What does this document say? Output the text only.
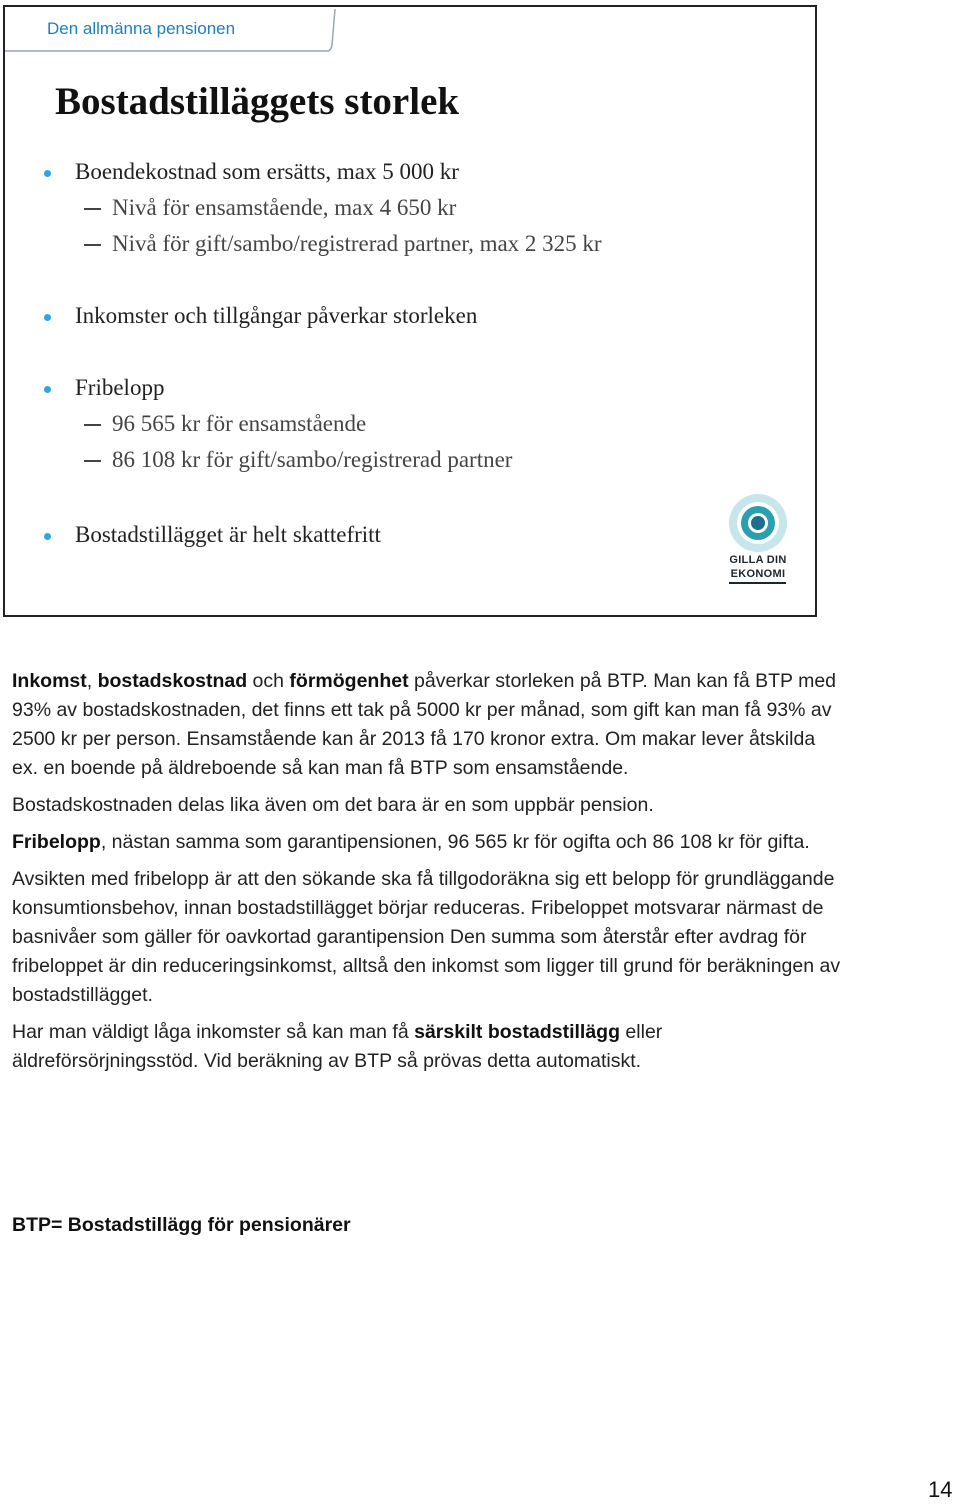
Den allmänna pensionen
Bostadstilläggets storlek
Boendekostnad som ersätts, max 5 000 kr
Nivå för ensamstående, max 4 650 kr
Nivå för gift/sambo/registrerad partner, max 2 325 kr
Inkomster och tillgångar påverkar storleken
Fribelopp
96 565 kr för ensamstående
86 108 kr för gift/sambo/registrerad partner
Bostadstillägget är helt skattefritt
GILLA DIN
EKONOMI

Inkomst, bostadskostnad och förmögenhet påverkar storleken på BTP. Man kan få BTP med 93% av bostadskostnaden, det finns ett tak på 5000 kr per månad, som gift kan man få 93% av 2500 kr per person. Ensamstående kan år 2013 få 170 kronor extra. Om makar lever åtskilda ex. en boende på äldreboende så kan man få BTP som ensamstående.

Bostadskostnaden delas lika även om det bara är en som uppbär pension.

Fribelopp, nästan samma som garantipensionen, 96 565 kr för ogifta och 86 108 kr för gifta.

Avsikten med fribelopp är att den sökande ska få tillgodoräkna sig ett belopp för grundläggande konsumtionsbehov, innan bostadstillägget börjar reduceras. Fribeloppet motsvarar närmast de basnivåer som gäller för oavkortad garantipension Den summa som återstår efter avdrag för fribeloppet är din reduceringsinkomst, alltså den inkomst som ligger till grund för beräkningen av bostadstillägget.

Har man väldigt låga inkomster så kan man få särskilt bostadstillägg eller äldreförsörjningsstöd. Vid beräkning av BTP så prövas detta automatiskt.

BTP= Bostadstillägg för pensionärer

14
